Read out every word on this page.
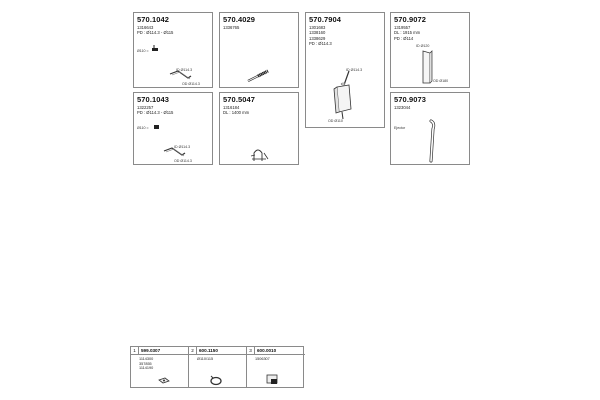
570.1042
1316643
PD : Ø114.3 - Ø115
Ø110 =
ID Ø114.3
OD Ø114.3
570.4029
1336765
570.7904
1301683
1338160
1338629
PD : Ø114.3
ID Ø114.3
OD Ø110
570.9072
1319557
DL : 1915 mm
PD : Ø114
ID Ø120
OD Ø180
570.1043
1322257
PD : Ø114.3 - Ø115
Ø110 =
ID Ø114.3
OD Ø114.3
570.5047
1316184
DL : 1400 mm
570.9073
1323044
Ejector
1 599.0307
1114300
357855
1114190
2 600.1150
Ø110/115
3 600.0010
1506307
